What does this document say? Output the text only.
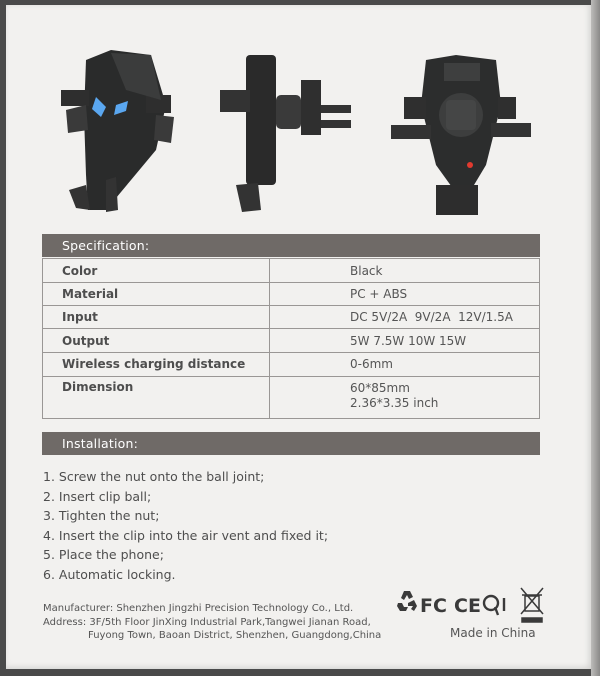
Specification:
Color	Black
Material	PC + ABS
Input	DC 5V/2A  9V/2A  12V/1.5A
Output	5W 7.5W 10W 15W
Wireless charging distance	0-6mm
Dimension	60*85mm
2.36*3.35 inch
Installation:
1. Screw the nut onto the ball joint;
2. Insert clip ball;
3. Tighten the nut;
4. Insert the clip into the air vent and fixed it;
5. Place the phone;
6. Automatic locking.
Manufacturer: Shenzhen Jingzhi Precision Technology Co., Ltd.
Address: 3F/5th Floor JinXing Industrial Park,Tangwei Jianan Road, Fuyong Town, Baoan District, Shenzhen, Guangdong,China
FC CE
Made in China
